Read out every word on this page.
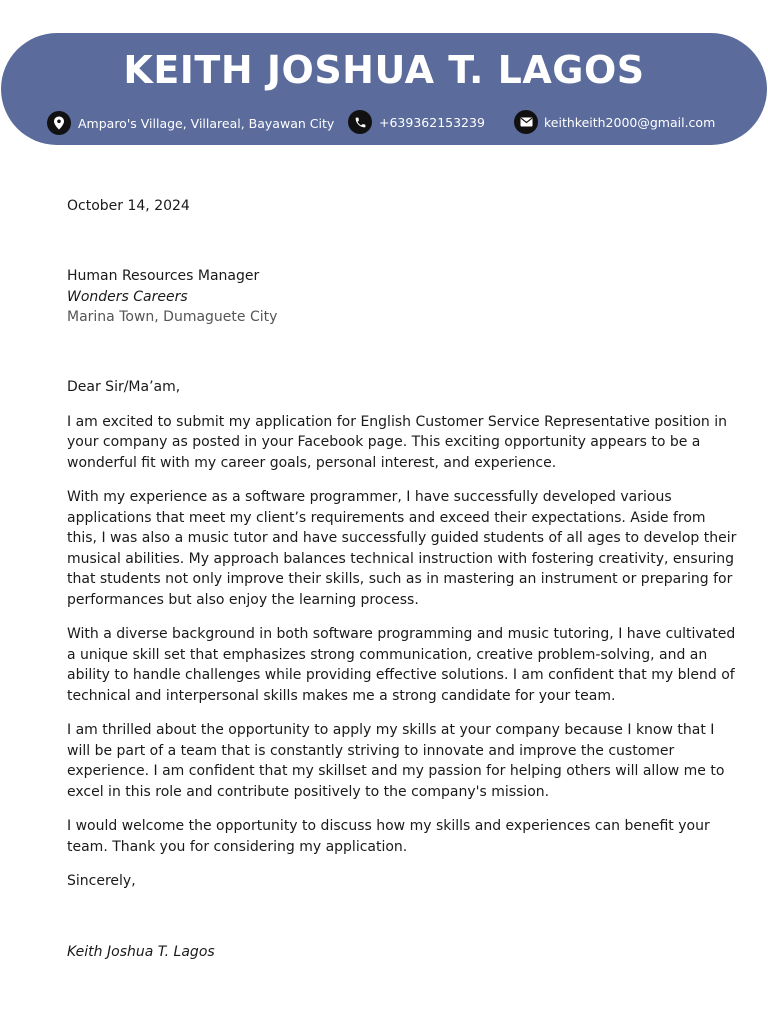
KEITH JOSHUA T. LAGOS
Amparo's Village, Villareal, Bayawan City	+639362153239	keithkeith2000@gmail.com
October 14, 2024
Human Resources Manager
Wonders Careers
Marina Town, Dumaguete City

Dear Sir/Ma’am,

I am excited to submit my application for English Customer Service Representative position in your company as posted in your Facebook page. This exciting opportunity appears to be a wonderful fit with my career goals, personal interest, and experience.

With my experience as a software programmer, I have successfully developed various applications that meet my client’s requirements and exceed their expectations. Aside from this, I was also a music tutor and have successfully guided students of all ages to develop their musical abilities. My approach balances technical instruction with fostering creativity, ensuring that students not only improve their skills, such as in mastering an instrument or preparing for performances but also enjoy the learning process.

With a diverse background in both software programming and music tutoring, I have cultivated a unique skill set that emphasizes strong communication, creative problem-solving, and an ability to handle challenges while providing effective solutions. I am confident that my blend of technical and interpersonal skills makes me a strong candidate for your team.

I am thrilled about the opportunity to apply my skills at your company because I know that I will be part of a team that is constantly striving to innovate and improve the customer experience. I am confident that my skillset and my passion for helping others will allow me to excel in this role and contribute positively to the company's mission.

I would welcome the opportunity to discuss how my skills and experiences can benefit your team. Thank you for considering my application.

Sincerely,

Keith Joshua T. Lagos
